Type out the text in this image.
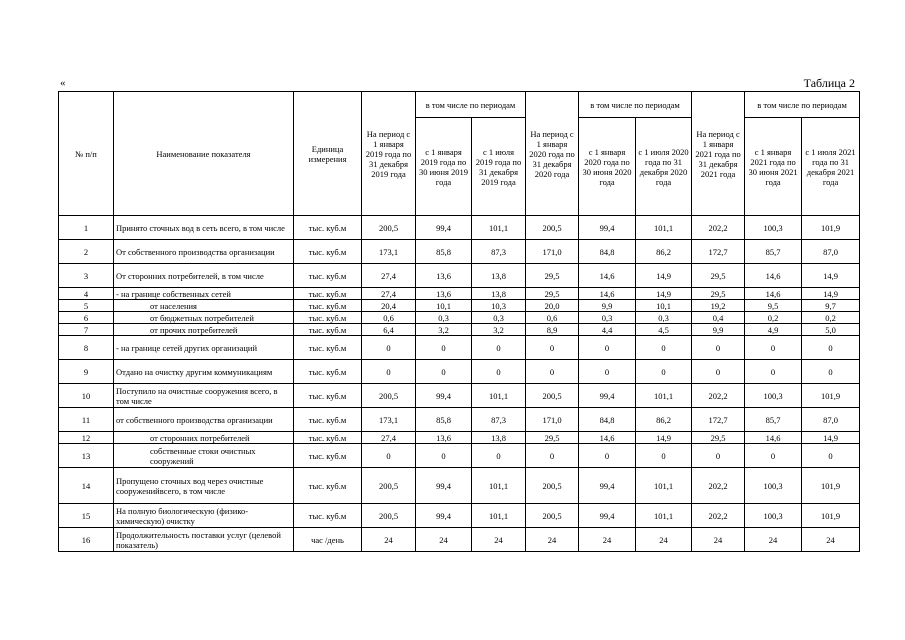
«	Таблица 2
№ п/п	Наименование показателя	Единица измерения	На период с 1 января 2019 года по 31 декабря 2019 года	в том числе по периодам		На период с 1 января 2020 года по 31 декабря 2020 года	в том числе по периодам		На период с 1 января 2021 года по 31 декабря 2021 года	в том числе по периодам	
				с 1 января 2019 года по 30 июня 2019 года	с 1 июля 2019 года по 31 декабря 2019 года		с 1 января 2020 года по 30 июня 2020 года	с 1 июля 2020 года по 31 декабря 2020 года		с 1 января 2021 года по 30 июня 2021 года	с 1 июля 2021 года по 31 декабря 2021 года
1	Принято сточных вод в сеть всего, в том числе	тыс. куб.м	200,5	99,4	101,1	200,5	99,4	101,1	202,2	100,3	101,9
2	От собственного производства организации	тыс. куб.м	173,1	85,8	87,3	171,0	84,8	86,2	172,7	85,7	87,0
3	От сторонних потребителей, в том числе	тыс. куб.м	27,4	13,6	13,8	29,5	14,6	14,9	29,5	14,6	14,9
4	- на границе собственных сетей	тыс. куб.м	27,4	13,6	13,8	29,5	14,6	14,9	29,5	14,6	14,9
5	от населения	тыс. куб.м	20,4	10,1	10,3	20,0	9,9	10,1	19,2	9,5	9,7
6	от бюджетных потребителей	тыс. куб.м	0,6	0,3	0,3	0,6	0,3	0,3	0,4	0,2	0,2
7	от прочих потребителей	тыс. куб.м	6,4	3,2	3,2	8,9	4,4	4,5	9,9	4,9	5,0
8	- на границе сетей других организаций	тыс. куб.м	0	0	0	0	0	0	0	0	0
9	Отдано на очистку другим коммуникациям	тыс. куб.м	0	0	0	0	0	0	0	0	0
10	Поступило на очистные сооружения всего, в том числе	тыс. куб.м	200,5	99,4	101,1	200,5	99,4	101,1	202,2	100,3	101,9
11	от собственного производства организации	тыс. куб.м	173,1	85,8	87,3	171,0	84,8	86,2	172,7	85,7	87,0
12	от сторонних потребителей	тыс. куб.м	27,4	13,6	13,8	29,5	14,6	14,9	29,5	14,6	14,9
13	собственные стоки очистных сооружений	тыс. куб.м	0	0	0	0	0	0	0	0	0
14	Пропущено сточных вод через очистные сооруженийвсего, в том числе	тыс. куб.м	200,5	99,4	101,1	200,5	99,4	101,1	202,2	100,3	101,9
15	На полную биологическую (физико-химическую) очистку	тыс. куб.м	200,5	99,4	101,1	200,5	99,4	101,1	202,2	100,3	101,9
16	Продолжительность поставки услуг (целевой показатель)	час /день	24	24	24	24	24	24	24	24	24
